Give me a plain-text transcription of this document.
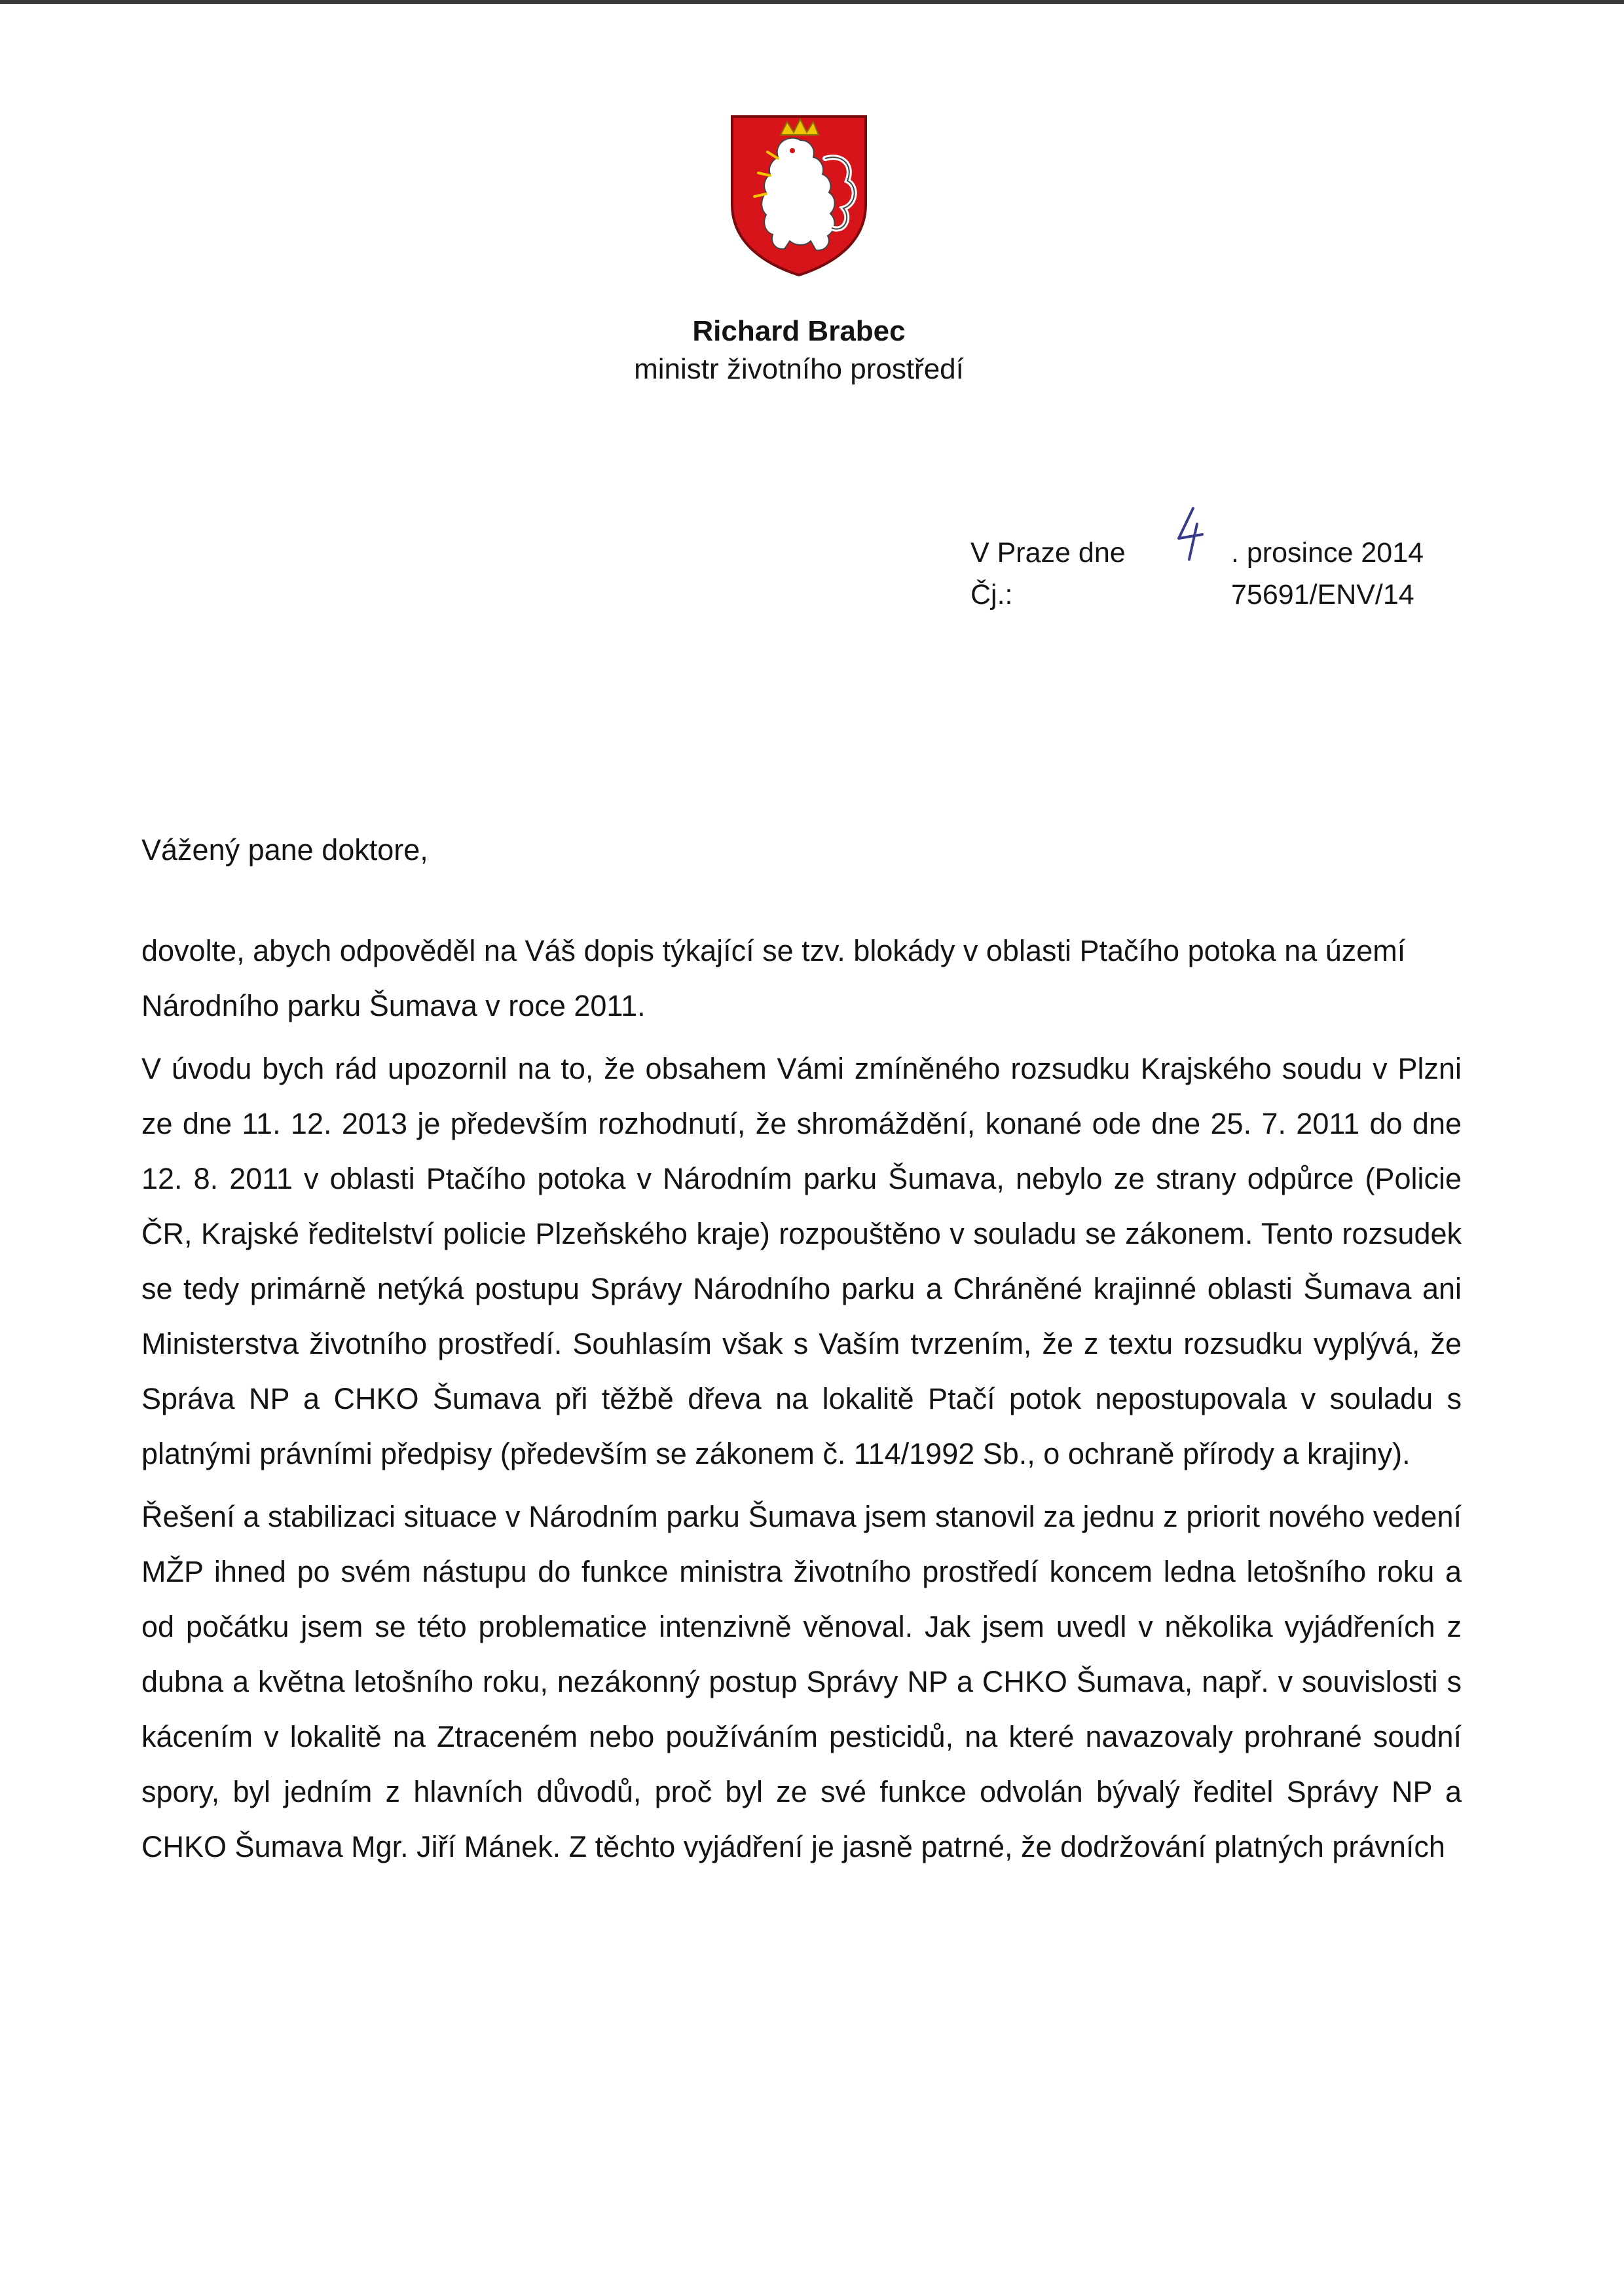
Richard Brabec
ministr životního prostředí
V Praze dne
Čj.:
4
. prosince 2014
75691/ENV/14
Vážený pane doktore,

dovolte, abych odpověděl na Váš dopis týkající se tzv. blokády v oblasti Ptačího potoka na území Národního parku Šumava v roce 2011.

V úvodu bych rád upozornil na to, že obsahem Vámi zmíněného rozsudku Krajského soudu v Plzni ze dne 11. 12. 2013 je především rozhodnutí, že shromáždění, konané ode dne 25. 7. 2011 do dne 12. 8. 2011 v oblasti Ptačího potoka v Národním parku Šumava, nebylo ze strany odpůrce (Policie ČR, Krajské ředitelství policie Plzeňského kraje) rozpouštěno v souladu se zákonem. Tento rozsudek se tedy primárně netýká postupu Správy Národního parku a Chráněné krajinné oblasti Šumava ani Ministerstva životního prostředí. Souhlasím však s Vaším tvrzením, že z textu rozsudku vyplývá, že Správa NP a CHKO Šumava při těžbě dřeva na lokalitě Ptačí potok nepostupovala v souladu s platnými právními předpisy (především se zákonem č. 114/1992 Sb., o ochraně přírody a krajiny).

Řešení a stabilizaci situace v Národním parku Šumava jsem stanovil za jednu z priorit nového vedení MŽP ihned po svém nástupu do funkce ministra životního prostředí koncem ledna letošního roku a od počátku jsem se této problematice intenzivně věnoval. Jak jsem uvedl v několika vyjádřeních z dubna a května letošního roku, nezákonný postup Správy NP a CHKO Šumava, např. v souvislosti s kácením v lokalitě na Ztraceném nebo používáním pesticidů, na které navazovaly prohrané soudní spory, byl jedním z hlavních důvodů, proč byl ze své funkce odvolán bývalý ředitel Správy NP a CHKO Šumava Mgr. Jiří Mánek. Z těchto vyjádření je jasně patrné, že dodržování platných právních
